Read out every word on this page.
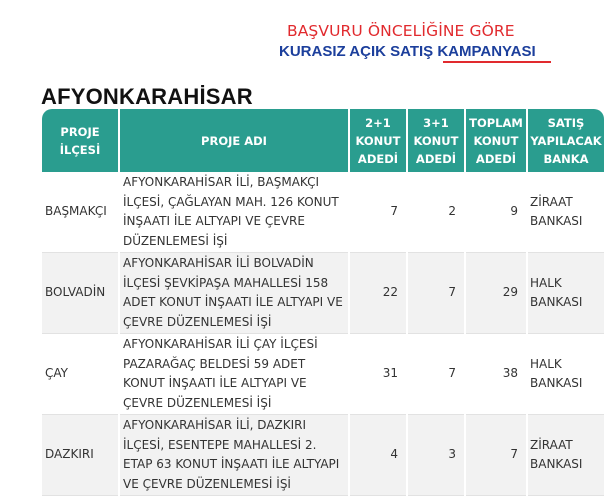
BAŞVURU ÖNCELİĞİNE GÖRE
KURASIZ AÇIK SATIŞ KAMPANYASI
AFYONKARAHİSAR
PROJE İLÇESİ	PROJE ADI	2+1 KONUT ADEDİ	3+1 KONUT ADEDİ	TOPLAM KONUT ADEDİ	SATIŞ YAPILACAK BANKA
BAŞMAKÇI	AFYONKARAHİSAR İLİ, BAŞMAKÇI İLÇESİ, ÇAĞLAYAN MAH. 126 KONUT İNŞAATI İLE ALTYAPI VE ÇEVRE DÜZENLEMESİ İŞİ	7	2	9	ZİRAAT BANKASI
BOLVADİN	AFYONKARAHİSAR İLİ BOLVADİN İLÇESİ ŞEVKİPAŞA MAHALLESİ 158 ADET KONUT İNŞAATI İLE ALTYAPI VE ÇEVRE DÜZENLEMESİ İŞİ	22	7	29	HALK BANKASI
ÇAY	AFYONKARAHİSAR İLİ ÇAY İLÇESİ PAZARAĞAÇ BELDESİ 59 ADET KONUT İNŞAATI İLE ALTYAPI VE ÇEVRE DÜZENLEMESİ İŞİ	31	7	38	HALK BANKASI
DAZKIRI	AFYONKARAHİSAR İLİ, DAZKIRI İLÇESİ, ESENTEPE MAHALLESİ 2. ETAP 63 KONUT İNŞAATI İLE ALTYAPI VE ÇEVRE DÜZENLEMESİ İŞİ	4	3	7	ZİRAAT BANKASI
